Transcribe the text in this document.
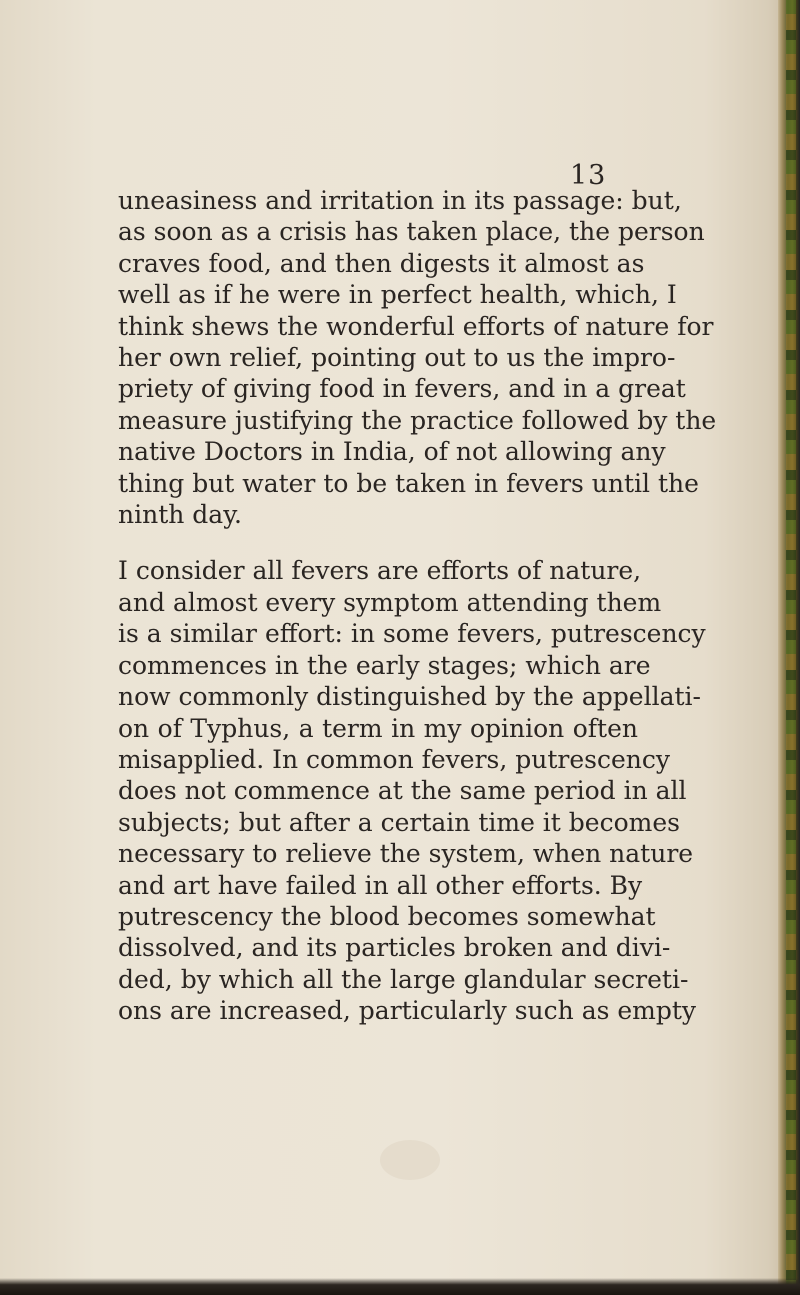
13

uneasiness and irritation in its passage: but,
as soon as a crisis has taken place, the person
craves food, and then digests it almost as
well as if he were in perfect health, which, I
think shews the wonderful efforts of nature for
her own relief, pointing out to us the impro-
priety of giving food in fevers, and in a great
measure justifying the practice followed by the
native Doctors in India, of not allowing any
thing but water to be taken in fevers until the
ninth day.

I consider all fevers are efforts of nature,
and almost every symptom attending them
is a similar effort: in some fevers, putrescency
commences in the early stages; which are
now commonly distinguished by the appellati-
on of Typhus, a term in my opinion often
misapplied. In common fevers, putrescency
does not commence at the same period in all
subjects; but after a certain time it becomes
necessary to relieve the system, when nature
and art have failed in all other efforts. By
putrescency the blood becomes somewhat
dissolved, and its particles broken and divi-
ded, by which all the large glandular secreti-
ons are increased, particularly such as empty
